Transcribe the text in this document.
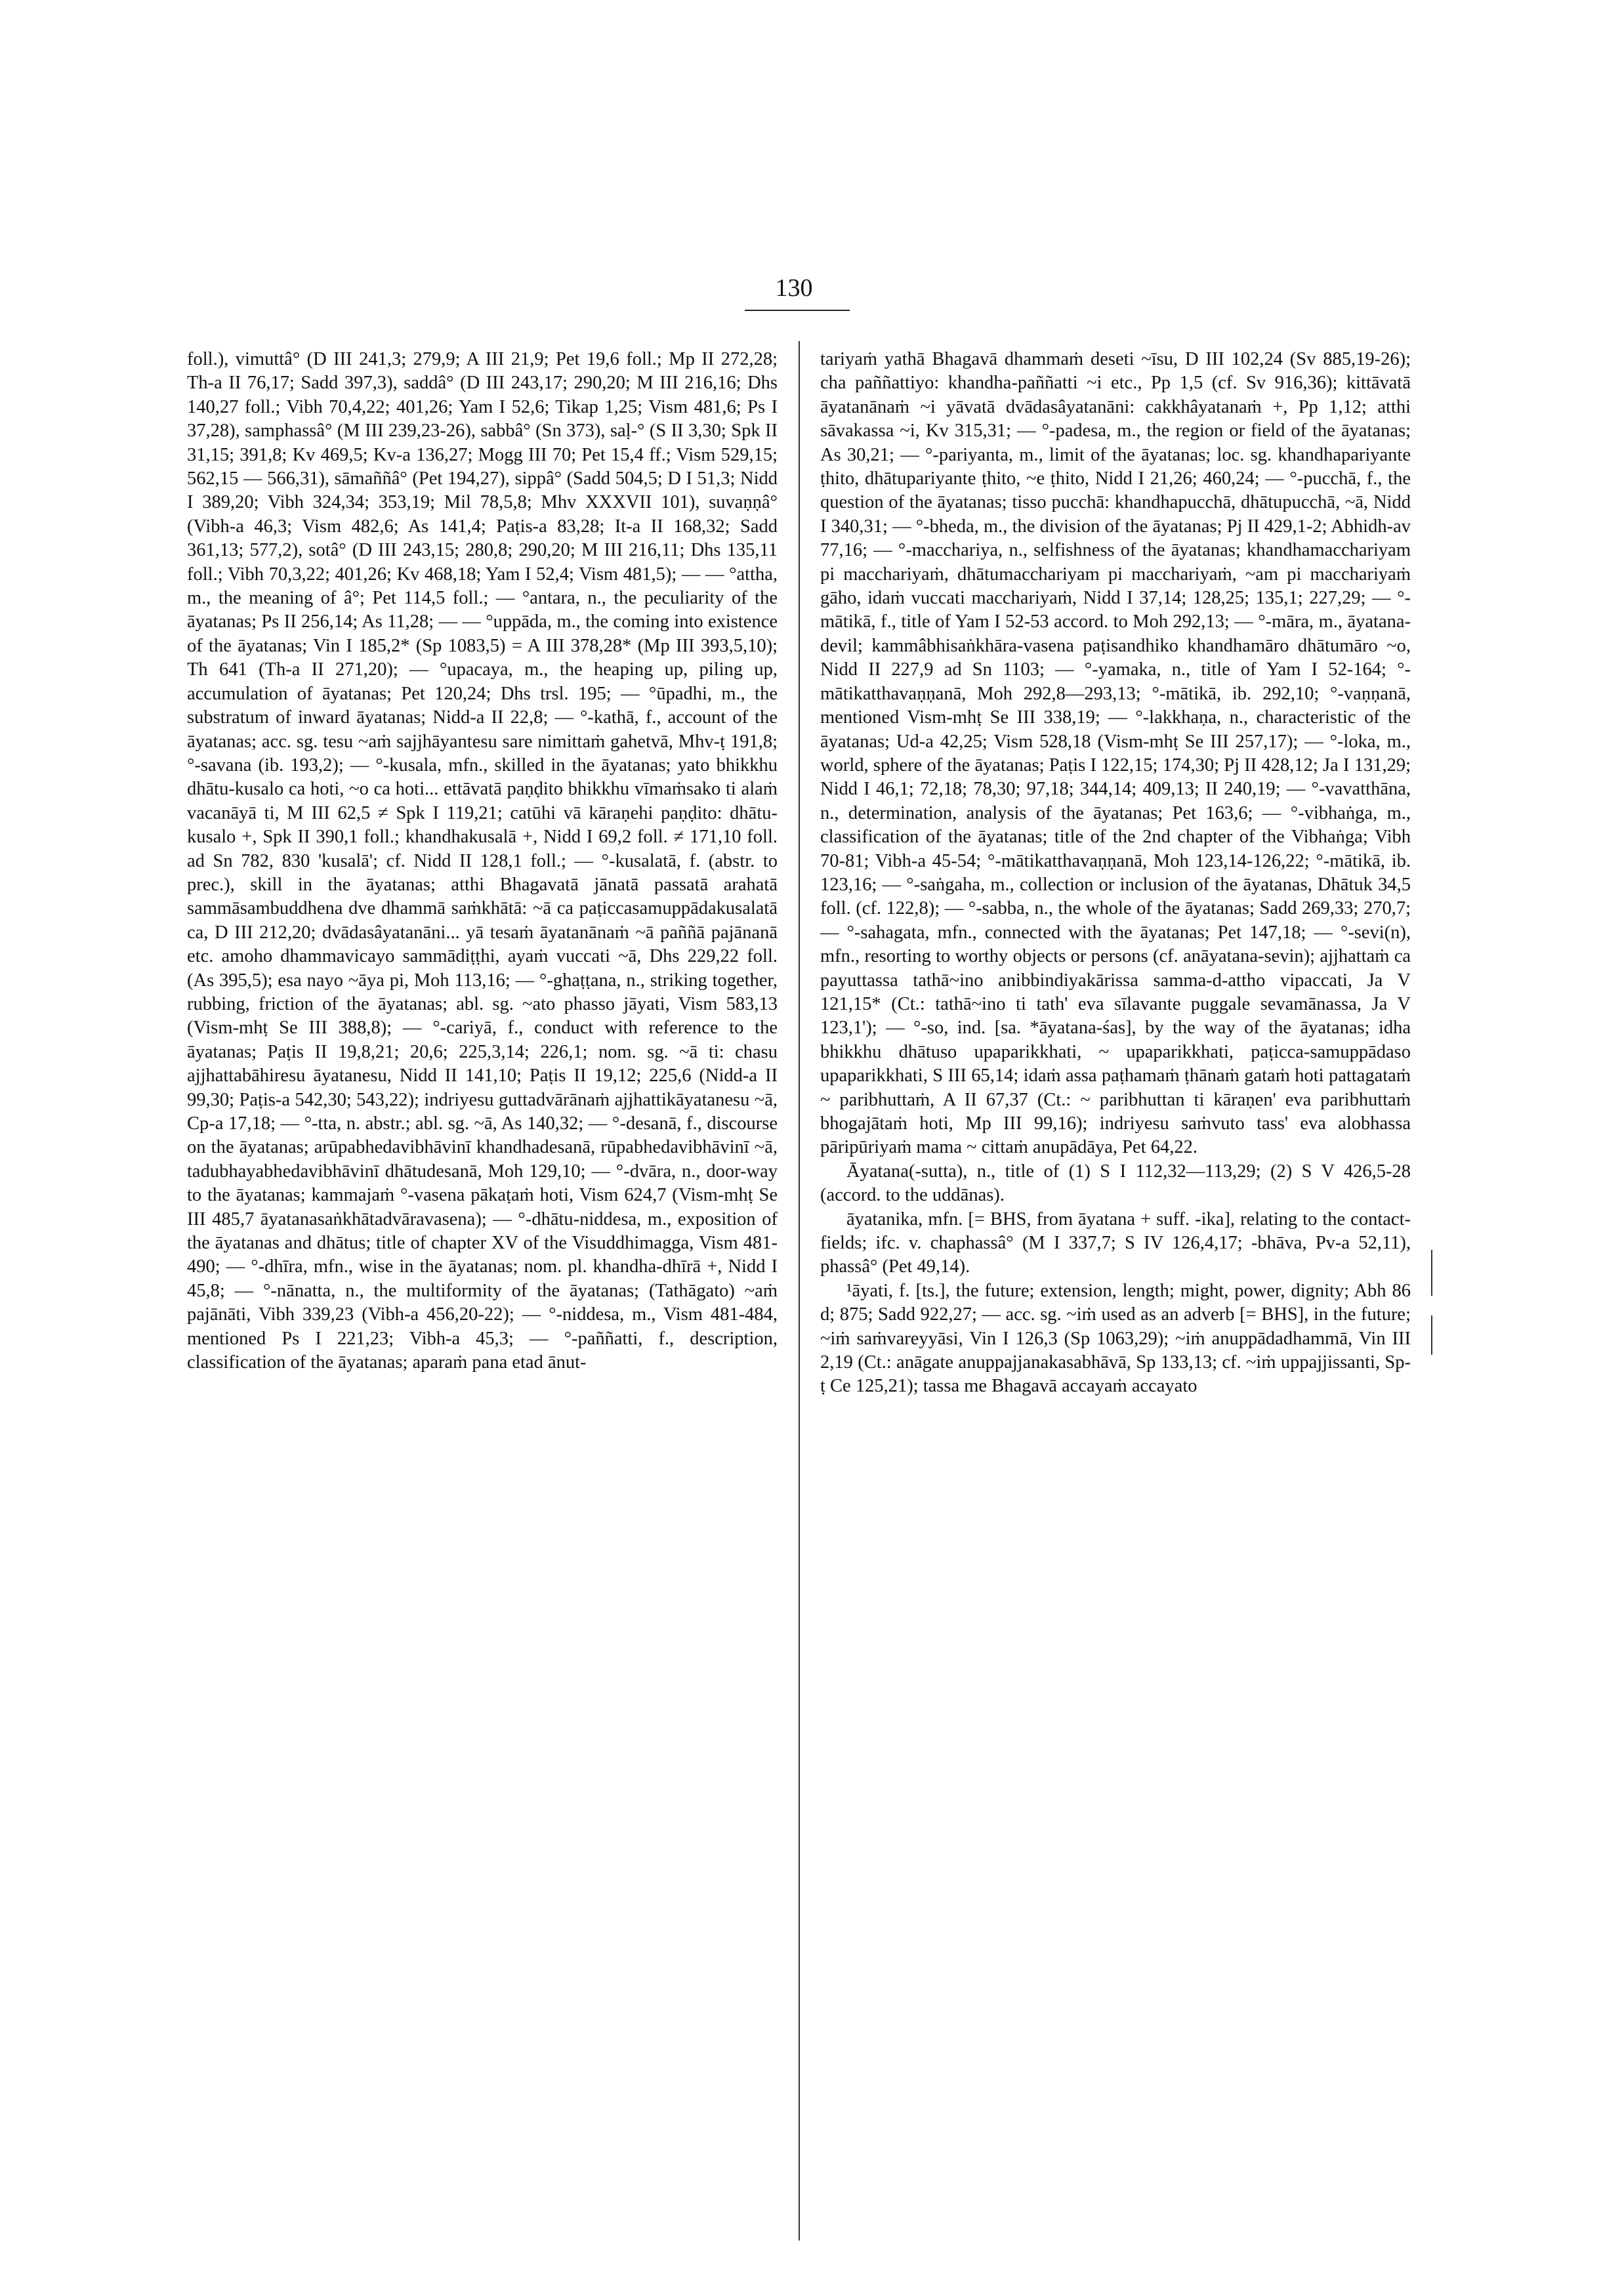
130

foll.), vimuttâ° (D III 241,3; 279,9; A III 21,9; Pet 19,6 foll.; Mp II 272,28; Th-a II 76,17; Sadd 397,3), saddâ° (D III 243,17; 290,20; M III 216,16; Dhs 140,27 foll.; Vibh 70,4,22; 401,26; Yam I 52,6; Tikap 1,25; Vism 481,6; Ps I 37,28), samphassâ° (M III 239,23-26), sabbâ° (Sn 373), saḷ-° (S II 3,30; Spk II 31,15; 391,8; Kv 469,5; Kv-a 136,27; Mogg III 70; Pet 15,4 ff.; Vism 529,15; 562,15 — 566,31), sāmaññâ° (Pet 194,27), sippâ° (Sadd 504,5; D I 51,3; Nidd I 389,20; Vibh 324,34; 353,19; Mil 78,5,8; Mhv XXXVII 101), suvaṇṇâ° (Vibh-a 46,3; Vism 482,6; As 141,4; Paṭis-a 83,28; It-a II 168,32; Sadd 361,13; 577,2), sotâ° (D III 243,15; 280,8; 290,20; M III 216,11; Dhs 135,11 foll.; Vibh 70,3,22; 401,26; Kv 468,18; Yam I 52,4; Vism 481,5); — — °attha, m., the meaning of â°; Pet 114,5 foll.; — °antara, n., the peculiarity of the āyatanas; Ps II 256,14; As 11,28; — — °uppāda, m., the coming into existence of the āyatanas; Vin I 185,2* (Sp 1083,5) = A III 378,28* (Mp III 393,5,10); Th 641 (Th-a II 271,20); — °upacaya, m., the heaping up, piling up, accumulation of āyatanas; Pet 120,24; Dhs trsl. 195; — °ūpadhi, m., the substratum of inward āyatanas; Nidd-a II 22,8; — °-kathā, f., account of the āyatanas; acc. sg. tesu ~aṁ sajjhāyantesu sare nimittaṁ gahetvā, Mhv-ṭ 191,8; °-savana (ib. 193,2); — °-kusala, mfn., skilled in the āyatanas; yato bhikkhu dhātu-kusalo ca hoti, ~o ca hoti... ettāvatā paṇḍito bhikkhu vīmaṁsako ti alaṁ vacanāyā ti, M III 62,5 ≠ Spk I 119,21; catūhi vā kāraṇehi paṇḍito: dhātu-kusalo +, Spk II 390,1 foll.; khandhakusalā +, Nidd I 69,2 foll. ≠ 171,10 foll. ad Sn 782, 830 'kusalā'; cf. Nidd II 128,1 foll.; — °-kusalatā, f. (abstr. to prec.), skill in the āyatanas; atthi Bhagavatā jānatā passatā arahatā sammāsambuddhena dve dhammā saṁkhātā: ~ā ca paṭiccasamuppādakusalatā ca, D III 212,20; dvādasâyatanāni... yā tesaṁ āyatanānaṁ ~ā paññā pajānanā etc. amoho dhammavicayo sammādiṭṭhi, ayaṁ vuccati ~ā, Dhs 229,22 foll. (As 395,5); esa nayo ~āya pi, Moh 113,16; — °-ghaṭṭana, n., striking together, rubbing, friction of the āyatanas; abl. sg. ~ato phasso jāyati, Vism 583,13 (Vism-mhṭ Se III 388,8); — °-cariyā, f., conduct with reference to the āyatanas; Paṭis II 19,8,21; 20,6; 225,3,14; 226,1; nom. sg. ~ā ti: chasu ajjhattabāhiresu āyatanesu, Nidd II 141,10; Paṭis II 19,12; 225,6 (Nidd-a II 99,30; Paṭis-a 542,30; 543,22); indriyesu guttadvārānaṁ ajjhattikāyatanesu ~ā, Cp-a 17,18; — °-tta, n. abstr.; abl. sg. ~ā, As 140,32; — °-desanā, f., discourse on the āyatanas; arūpabhedavibhāvinī khandhadesanā, rūpabhedavibhāvinī ~ā, tadubhayabhedavibhāvinī dhātudesanā, Moh 129,10; — °-dvāra, n., door-way to the āyatanas; kammajaṁ °-vasena pākaṭaṁ hoti, Vism 624,7 (Vism-mhṭ Se III 485,7 āyatanasaṅkhātadvāravasena); — °-dhātu-niddesa, m., exposition of the āyatanas and dhātus; title of chapter XV of the Visuddhimagga, Vism 481-490; — °-dhīra, mfn., wise in the āyatanas; nom. pl. khandha-dhīrā +, Nidd I 45,8; — °-nānatta, n., the multiformity of the āyatanas; (Tathāgato) ~aṁ pajānāti, Vibh 339,23 (Vibh-a 456,20-22); — °-niddesa, m., Vism 481-484, mentioned Ps I 221,23; Vibh-a 45,3; — °-paññatti, f., description, classification of the āyatanas; aparaṁ pana etad ānut-

tariyaṁ yathā Bhagavā dhammaṁ deseti ~īsu, D III 102,24 (Sv 885,19-26); cha paññattiyo: khandha-paññatti ~i etc., Pp 1,5 (cf. Sv 916,36); kittāvatā āyatanānaṁ ~i yāvatā dvādasâyatanāni: cakkhâyatanaṁ +, Pp 1,12; atthi sāvakassa ~i, Kv 315,31; — °-padesa, m., the region or field of the āyatanas; As 30,21; — °-pariyanta, m., limit of the āyatanas; loc. sg. khandhapariyante ṭhito, dhātupariyante ṭhito, ~e ṭhito, Nidd I 21,26; 460,24; — °-pucchā, f., the question of the āyatanas; tisso pucchā: khandhapucchā, dhātupucchā, ~ā, Nidd I 340,31; — °-bheda, m., the division of the āyatanas; Pj II 429,1-2; Abhidh-av 77,16; — °-macchariya, n., selfishness of the āyatanas; khandhamacchariyam pi macchariyaṁ, dhātumacchariyam pi macchariyaṁ, ~am pi macchariyaṁ gāho, idaṁ vuccati macchariyaṁ, Nidd I 37,14; 128,25; 135,1; 227,29; — °-mātikā, f., title of Yam I 52-53 accord. to Moh 292,13; — °-māra, m., āyatana-devil; kammâbhisaṅkhāra-vasena paṭisandhiko khandhamāro dhātumāro ~o, Nidd II 227,9 ad Sn 1103; — °-yamaka, n., title of Yam I 52-164; °-mātikatthavaṇṇanā, Moh 292,8—293,13; °-mātikā, ib. 292,10; °-vaṇṇanā, mentioned Vism-mhṭ Se III 338,19; — °-lakkhaṇa, n., characteristic of the āyatanas; Ud-a 42,25; Vism 528,18 (Vism-mhṭ Se III 257,17); — °-loka, m., world, sphere of the āyatanas; Paṭis I 122,15; 174,30; Pj II 428,12; Ja I 131,29; Nidd I 46,1; 72,18; 78,30; 97,18; 344,14; 409,13; II 240,19; — °-vavatthāna, n., determination, analysis of the āyatanas; Pet 163,6; — °-vibhaṅga, m., classification of the āyatanas; title of the 2nd chapter of the Vibhaṅga; Vibh 70-81; Vibh-a 45-54; °-mātikatthavaṇṇanā, Moh 123,14-126,22; °-mātikā, ib. 123,16; — °-saṅgaha, m., collection or inclusion of the āyatanas, Dhātuk 34,5 foll. (cf. 122,8); — °-sabba, n., the whole of the āyatanas; Sadd 269,33; 270,7; — °-sahagata, mfn., connected with the āyatanas; Pet 147,18; — °-sevi(n), mfn., resorting to worthy objects or persons (cf. anāyatana-sevin); ajjhattaṁ ca payuttassa tathā~ino anibbindiyakārissa samma-d-attho vipaccati, Ja V 121,15* (Ct.: tathā~ino ti tath' eva sīlavante puggale sevamānassa, Ja V 123,1'); — °-so, ind. [sa. *āyatana-śas], by the way of the āyatanas; idha bhikkhu dhātuso upaparikkhati, ~ upaparikkhati, paṭicca-samuppādaso upaparikkhati, S III 65,14; idaṁ assa paṭhamaṁ ṭhānaṁ gataṁ hoti pattagataṁ ~ paribhuttaṁ, A II 67,37 (Ct.: ~ paribhuttan ti kāraṇen' eva paribhuttaṁ bhogajātaṁ hoti, Mp III 99,16); indriyesu saṁvuto tass' eva alobhassa pāripūriyaṁ mama ~ cittaṁ anupādāya, Pet 64,22.

Āyatana(-sutta), n., title of (1) S I 112,32—113,29; (2) S V 426,5-28 (accord. to the uddānas).

āyatanika, mfn. [= BHS, from āyatana + suff. -ika], relating to the contact-fields; ifc. v. chaphassâ° (M I 337,7; S IV 126,4,17; -bhāva, Pv-a 52,11), phassâ° (Pet 49,14).

¹āyati, f. [ts.], the future; extension, length; might, power, dignity; Abh 86 d; 875; Sadd 922,27; — acc. sg. ~iṁ used as an adverb [= BHS], in the future; ~iṁ saṁvareyyāsi, Vin I 126,3 (Sp 1063,29); ~iṁ anuppādadhammā, Vin III 2,19 (Ct.: anāgate anuppajjanakasabhāvā, Sp 133,13; cf. ~iṁ uppajjissanti, Sp-ṭ Ce 125,21); tassa me Bhagavā accayaṁ accayato
